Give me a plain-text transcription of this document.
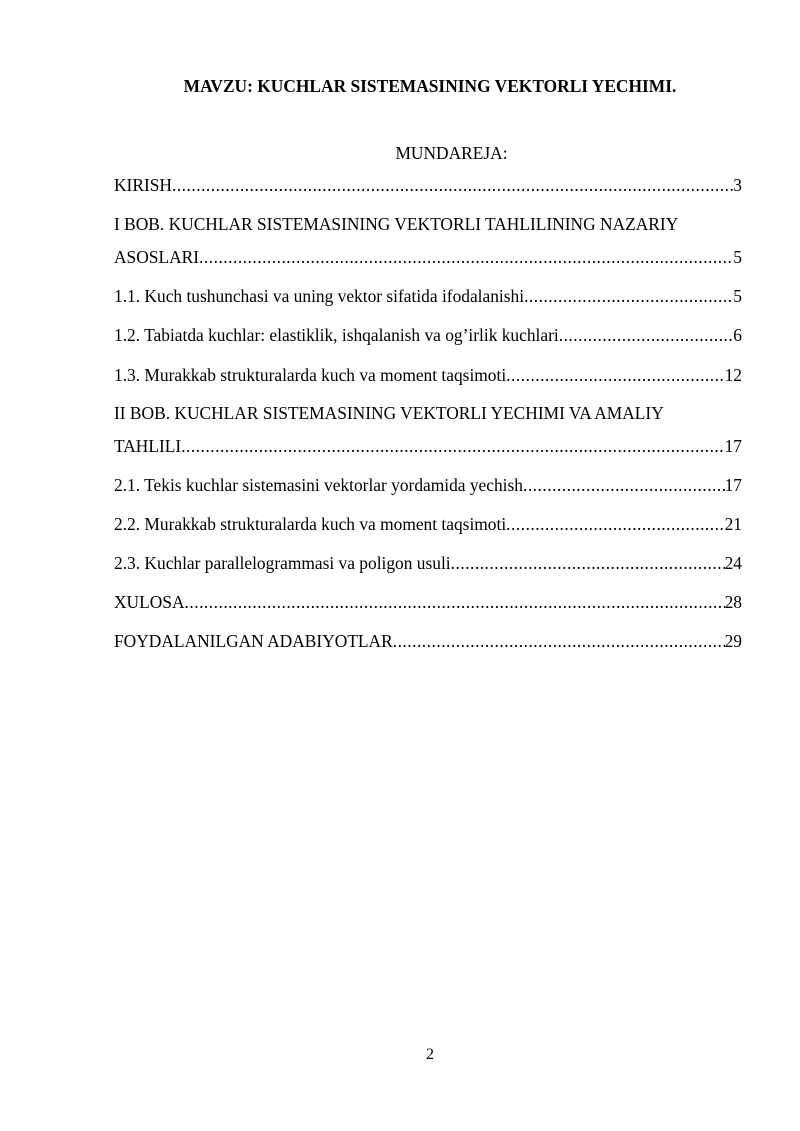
MAVZU: KUCHLAR SISTEMASINING VEKTORLI YECHIMI.
MUNDAREJA:
KIRISH .....	3
I BOB. KUCHLAR SISTEMASINING VEKTORLI TAHLILINING NAZARIY
ASOSLARI .....	5
1.1. Kuch tushunchasi va uning vektor sifatida ifodalanishi .....	5
1.2. Tabiatda kuchlar: elastiklik, ishqalanish va og’irlik kuchlari .....	6
1.3. Murakkab strukturalarda kuch va moment taqsimoti .....	12
II BOB. KUCHLAR SISTEMASINING VEKTORLI YECHIMI VA AMALIY
TAHLILI .....	17
2.1. Tekis kuchlar sistemasini vektorlar yordamida yechish .....	17
2.2. Murakkab strukturalarda kuch va moment taqsimoti .....	21
2.3. Kuchlar parallelogrammasi va poligon usuli .....	24
XULOSA .....	28
FOYDALANILGAN ADABIYOTLAR .....	29
2
